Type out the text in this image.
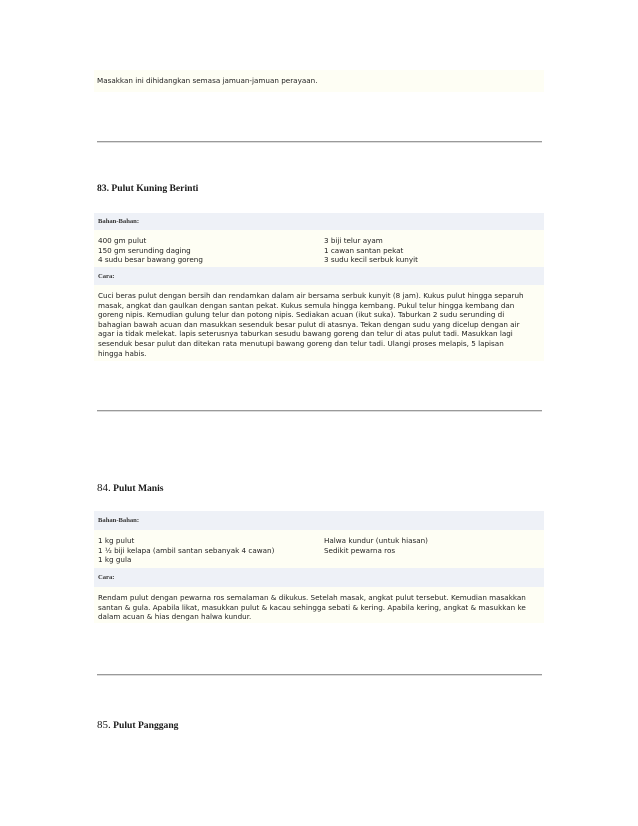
Masakkan ini dihidangkan semasa jamuan-jamuan perayaan.
83. Pulut Kuning Berinti
Bahan-Bahan:
400 gm pulut
150 gm serunding daging
4 sudu besar bawang goreng
3 biji telur ayam
1 cawan santan pekat
3 sudu kecil serbuk kunyit
Cara:
Cuci beras pulut dengan bersih dan rendamkan dalam air bersama serbuk kunyit (8 jam). Kukus pulut hingga separuh
masak, angkat dan gaulkan dengan santan pekat. Kukus semula hingga kembang. Pukul telur hingga kembang dan
goreng nipis. Kemudian gulung telur dan potong nipis. Sediakan acuan (ikut suka). Taburkan 2 sudu serunding di
bahagian bawah acuan dan masukkan sesenduk besar pulut di atasnya. Tekan dengan sudu yang dicelup dengan air
agar ia tidak melekat. lapis seterusnya taburkan sesudu bawang goreng dan telur di atas pulut tadi. Masukkan lagi
sesenduk besar pulut dan ditekan rata menutupi bawang goreng dan telur tadi. Ulangi proses melapis, 5 lapisan
hingga habis.
84. Pulut Manis
Bahan-Bahan:
1 kg pulut
1 ½ biji kelapa (ambil santan sebanyak 4 cawan)
1 kg gula
Halwa kundur (untuk hiasan)
Sedikit pewarna ros
Cara:
Rendam pulut dengan pewarna ros semalaman & dikukus. Setelah masak, angkat pulut tersebut. Kemudian masakkan
santan & gula. Apabila likat, masukkan pulut & kacau sehingga sebati & kering. Apabila kering, angkat & masukkan ke
dalam acuan & hias dengan halwa kundur.
85. Pulut Panggang
